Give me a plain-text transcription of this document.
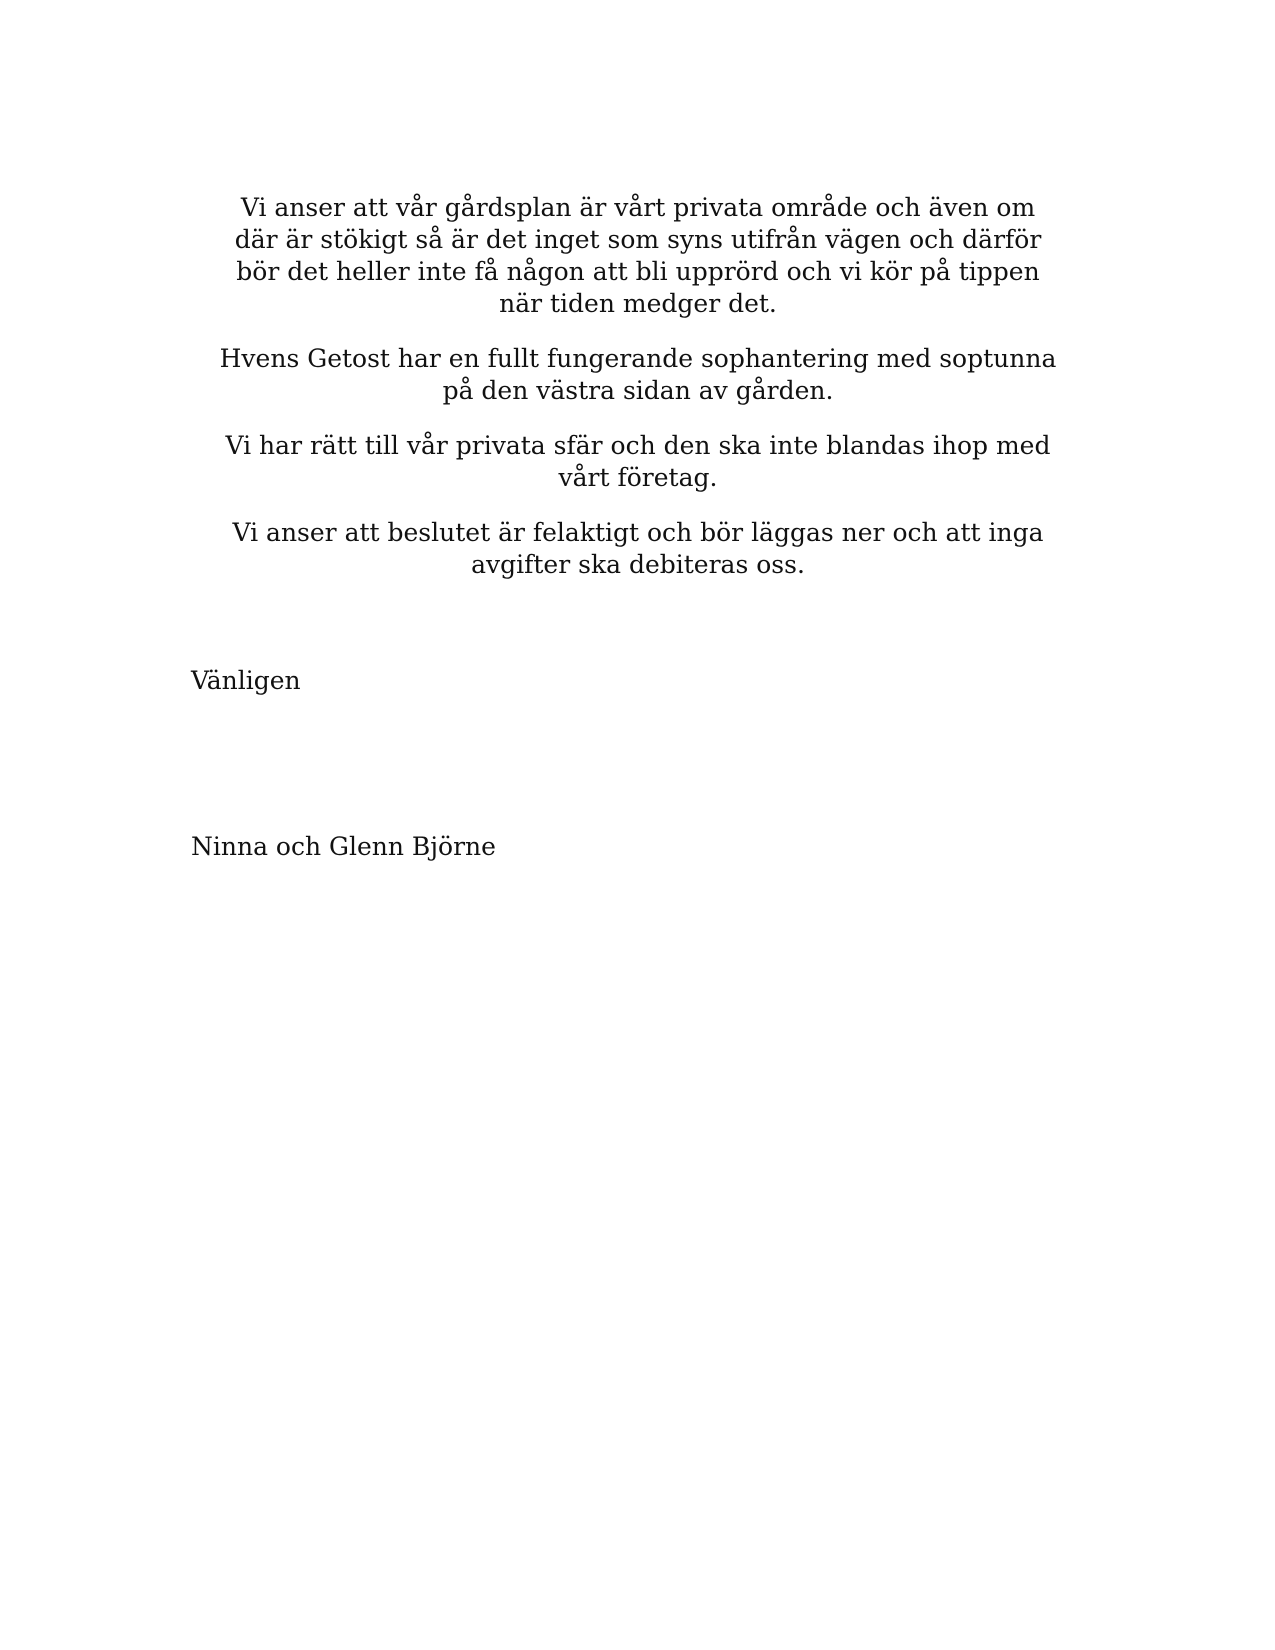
Vi anser att vår gårdsplan är vårt privata område och även om
där är stökigt så är det inget som syns utifrån vägen och därför
bör det heller inte få någon att bli upprörd och vi kör på tippen
när tiden medger det.

Hvens Getost har en fullt fungerande sophantering med soptunna
på den västra sidan av gården.

Vi har rätt till vår privata sfär och den ska inte blandas ihop med
vårt företag.

Vi anser att beslutet är felaktigt och bör läggas ner och att inga
avgifter ska debiteras oss.

Vänligen

Ninna och Glenn Björne
